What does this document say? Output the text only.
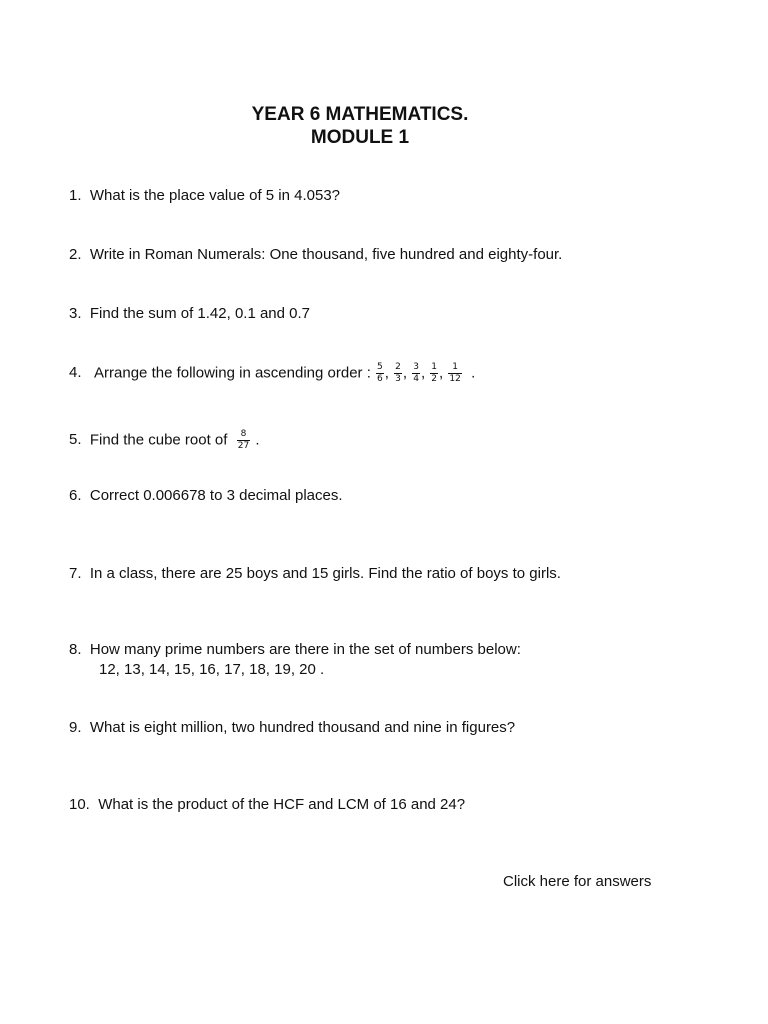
YEAR 6 MATHEMATICS.
MODULE 1
1. What is the place value of 5 in 4.053?
2. Write in Roman Numerals: One thousand, five hundred and eighty-four.
3. Find the sum of 1.42, 0.1 and 0.7
4. Arrange the following in ascending order : $\frac{5}{6}$ , $\frac{2}{3}$ , $\frac{3}{4}$ , $\frac{1}{2}$ , $\frac{1}{12}$ .
5. Find the cube root of $\frac{8}{27}$ .
6. Correct 0.006678 to 3 decimal places.
7. In a class, there are 25 boys and 15 girls. Find the ratio of boys to girls.
8. How many prime numbers are there in the set of numbers below:
12, 13, 14, 15, 16, 17, 18, 19, 20 .
9. What is eight million, two hundred thousand and nine in figures?
10. What is the product of the HCF and LCM of 16 and 24?
Click here for answers
